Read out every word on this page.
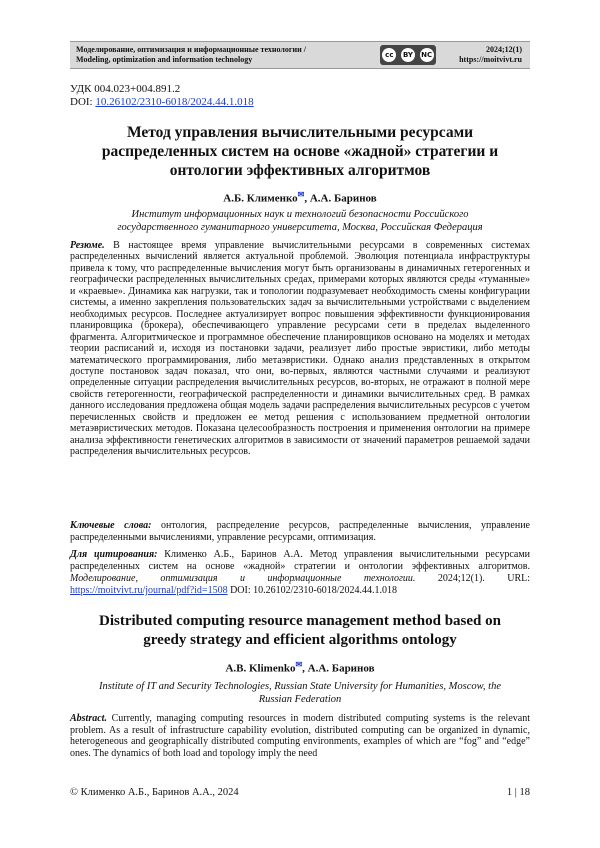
Моделирование, оптимизация и информационные технологии /
Modeling, optimization and information technology	cc	BY NC
2024;12(1)
https://moitvivt.ru
УДК 004.023+004.891.2
DOI: 10.26102/2310-6018/2024.44.1.018
Метод управления вычислительными ресурсами распределенных систем на основе «жадной» стратегии и онтологии эффективных алгоритмов
А.Б. Клименко✉, А.А. Баринов
Институт информационных наук и технологий безопасности Российского государственного гуманитарного университета, Москва, Российская Федерация
Резюме. В настоящее время управление вычислительными ресурсами в современных системах распределенных вычислений является актуальной проблемой. Эволюция потенциала инфраструктуры привела к тому, что распределенные вычисления могут быть организованы в динамичных гетерогенных и географически распределенных вычислительных средах, примерами которых являются среды «туманные» и «краевые». Динамика как нагрузки, так и топологии подразумевает необходимость смены конфигурации системы, а именно закрепления пользовательских задач за вычислительными устройствами с выделением необходимых ресурсов. Последнее актуализирует вопрос повышения эффективности функционирования планировщика (брокера), обеспечивающего управление ресурсами сети в пределах выделенного фрагмента. Алгоритмическое и программное обеспечение планировщиков основано на моделях и методах теории расписаний и, исходя из постановки задачи, реализует либо простые эвристики, либо методы математического программирования, либо метаэвристики. Однако анализ представленных в открытом доступе постановок задач показал, что они, во-первых, являются частными случаями и реализуют определенные ситуации распределения вычислительных ресурсов, во-вторых, не отражают в полной мере свойств гетерогенности, географической распределенности и динамики вычислительных сред. В рамках данного исследования предложена общая модель задачи распределения вычислительных ресурсов с учетом перечисленных свойств и предложен ее метод решения с использованием предметной онтологии метаэвристических методов. Показана целесообразность построения и применения онтологии на примере анализа эффективности генетических алгоритмов в зависимости от значений параметров решаемой задачи распределения вычислительных ресурсов.
Ключевые слова: онтология, распределение ресурсов, распределенные вычисления, управление распределенными вычислениями, управление ресурсами, оптимизация.
Для цитирования: Клименко А.Б., Баринов А.А. Метод управления вычислительными ресурсами распределенных систем на основе «жадной» стратегии и онтологии эффективных алгоритмов. Моделирование, оптимизация и информационные технологии. 2024;12(1). URL: https://moitvivt.ru/journal/pdf?id=1508 DOI: 10.26102/2310-6018/2024.44.1.018
Distributed computing resource management method based on greedy strategy and efficient algorithms ontology
A.B. Klimenko✉, А.А. Баринов
Institute of IT and Security Technologies, Russian State University for Humanities, Moscow, the Russian Federation
Abstract. Currently, managing computing resources in modern distributed computing systems is the relevant problem. As a result of infrastructure capability evolution, distributed computing can be organized in dynamic, heterogeneous and geographically distributed computing environments, examples of which are “fog” and “edge” ones. The dynamics of both load and topology imply the need
© Клименко А.Б., Баринов А.А., 2024	1 | 18
